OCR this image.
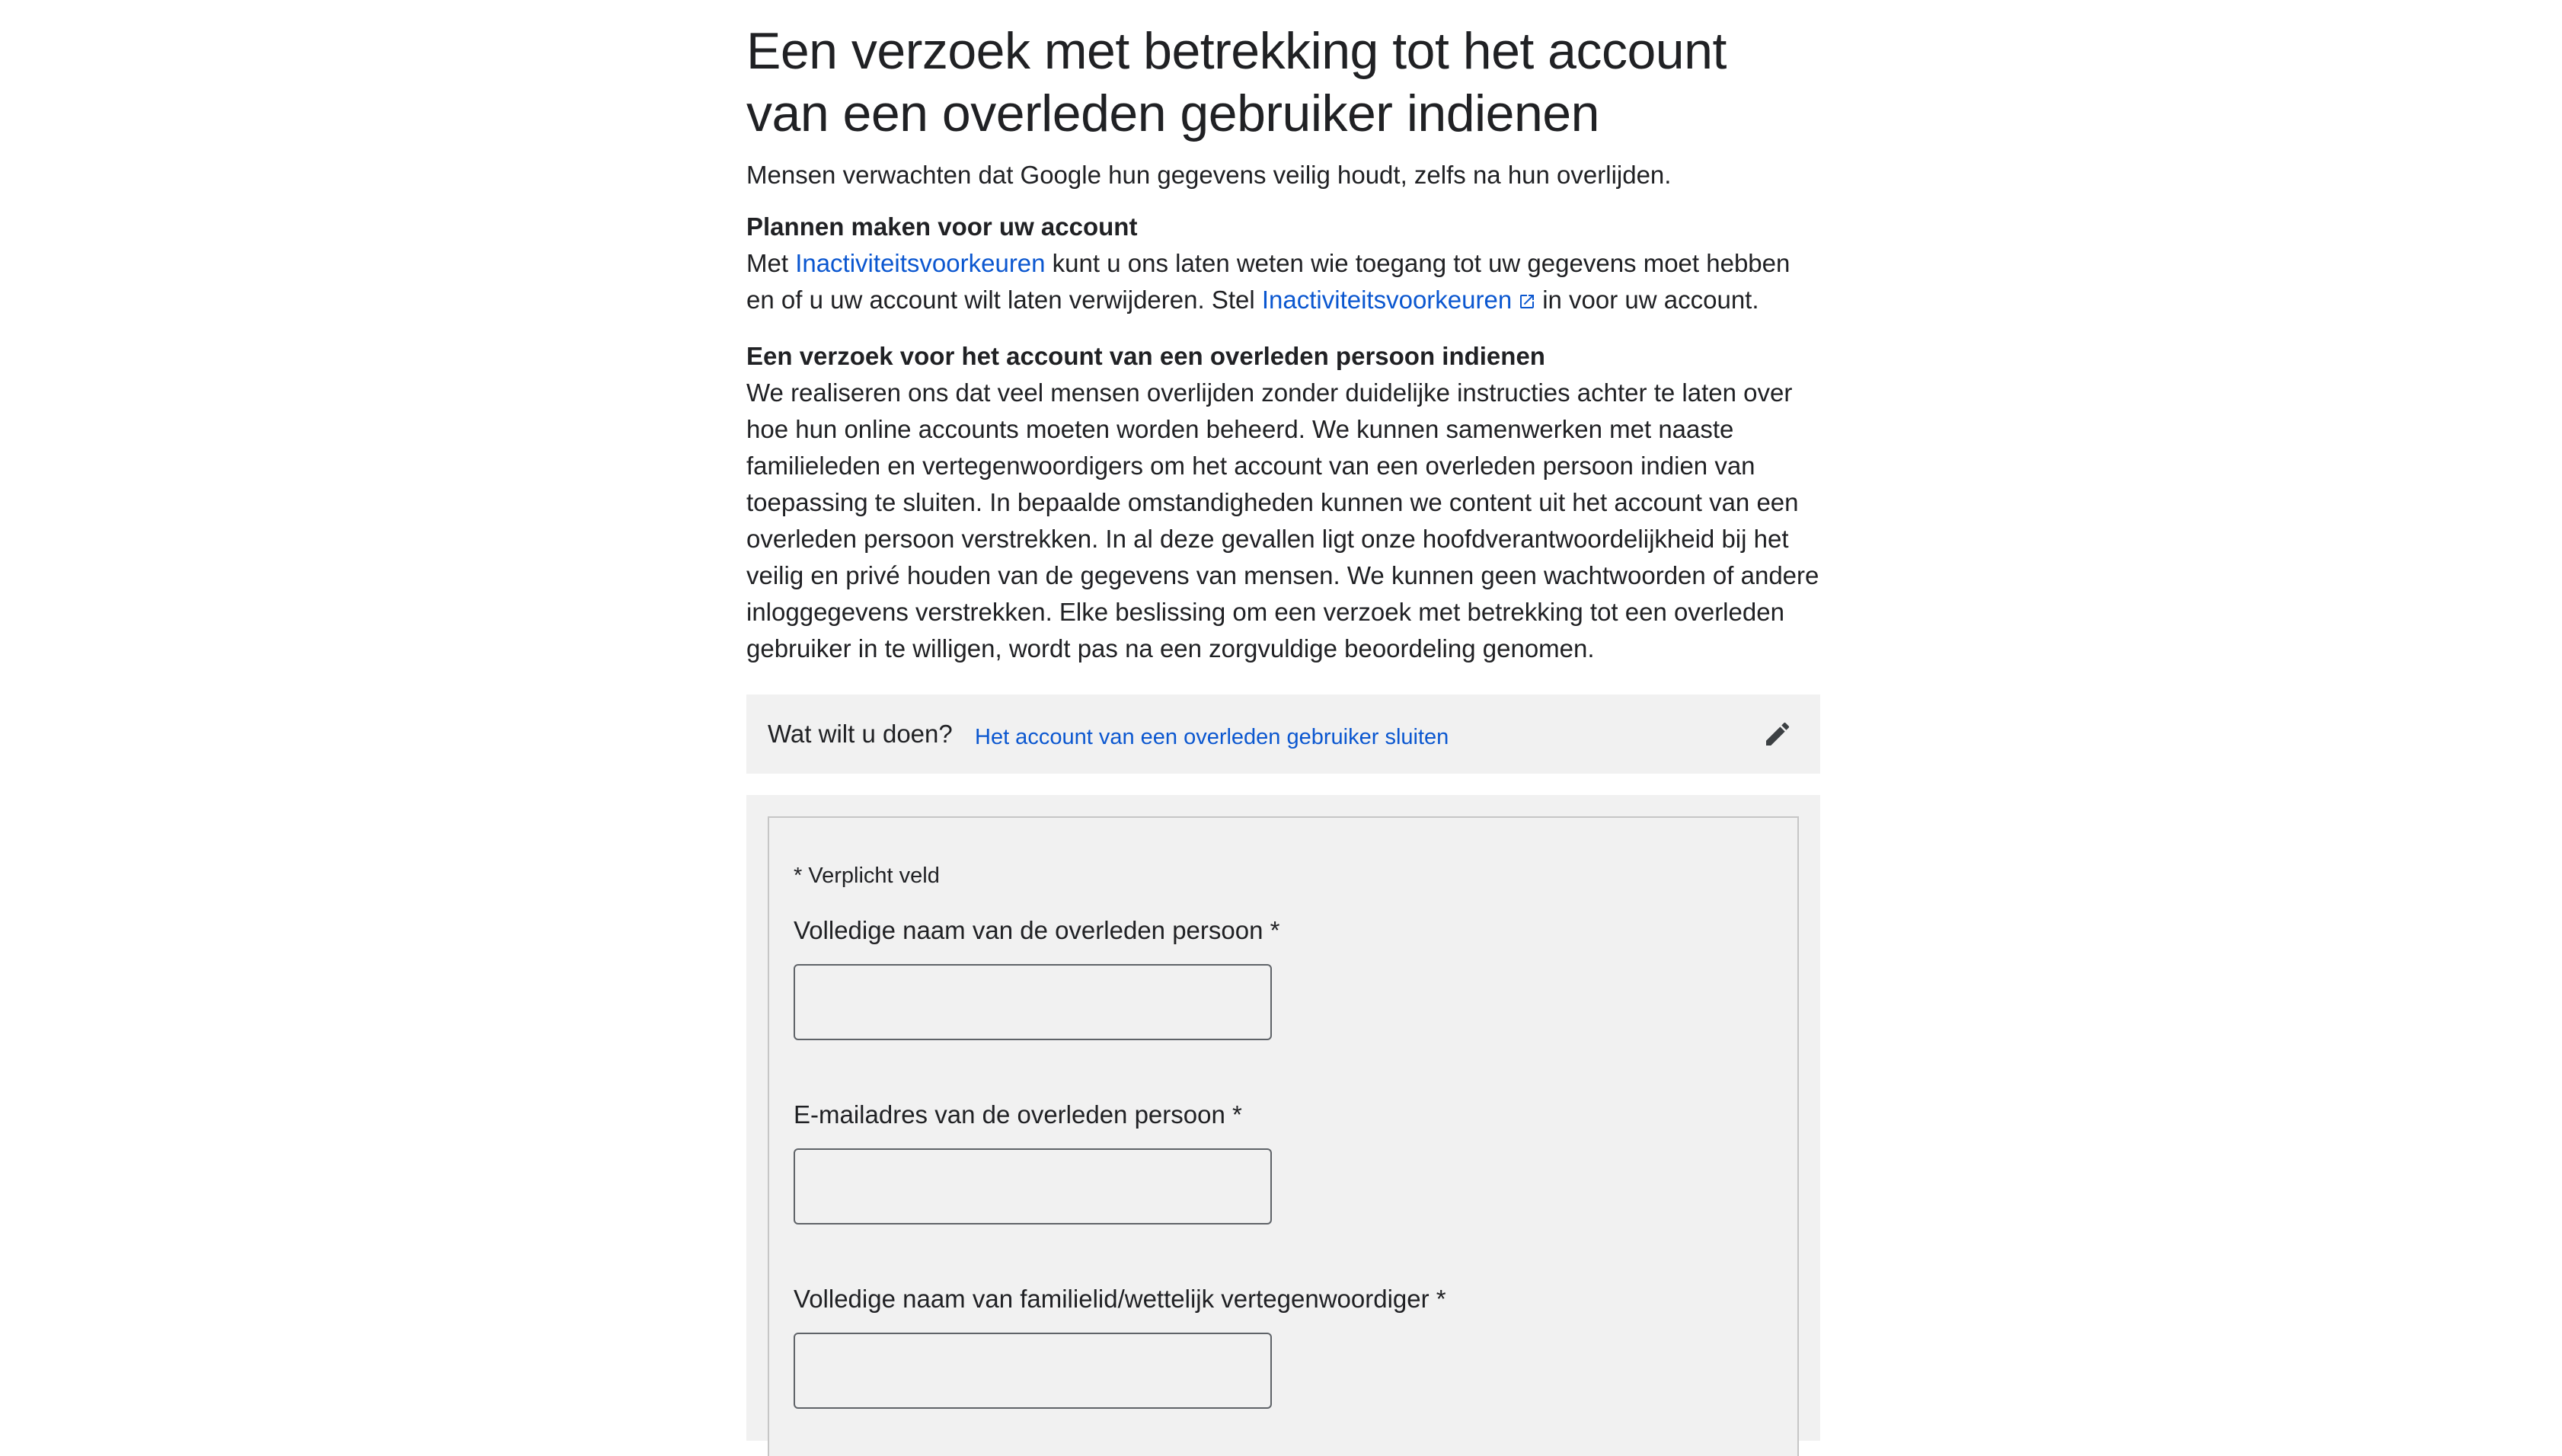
Een verzoek met betrekking tot het account van een overleden gebruiker indienen

Mensen verwachten dat Google hun gegevens veilig houdt, zelfs na hun overlijden.

Plannen maken voor uw account

Met Inactiviteitsvoorkeuren kunt u ons laten weten wie toegang tot uw gegevens moet hebben en of u uw account wilt laten verwijderen. Stel Inactiviteitsvoorkeuren in voor uw account.

Een verzoek voor het account van een overleden persoon indienen

We realiseren ons dat veel mensen overlijden zonder duidelijke instructies achter te laten over hoe hun online accounts moeten worden beheerd. We kunnen samenwerken met naaste familieleden en vertegenwoordigers om het account van een overleden persoon indien van toepassing te sluiten. In bepaalde omstandigheden kunnen we content uit het account van een overleden persoon verstrekken. In al deze gevallen ligt onze hoofdverantwoordelijkheid bij het veilig en privé houden van de gegevens van mensen. We kunnen geen wachtwoorden of andere inloggegevens verstrekken. Elke beslissing om een verzoek met betrekking tot een overleden gebruiker in te willigen, wordt pas na een zorgvuldige beoordeling genomen.

Wat wilt u doen? Het account van een overleden gebruiker sluiten
* Verplicht veld
Volledige naam van de overleden persoon *
E-mailadres van de overleden persoon *
Volledige naam van familielid/wettelijk vertegenwoordiger *
